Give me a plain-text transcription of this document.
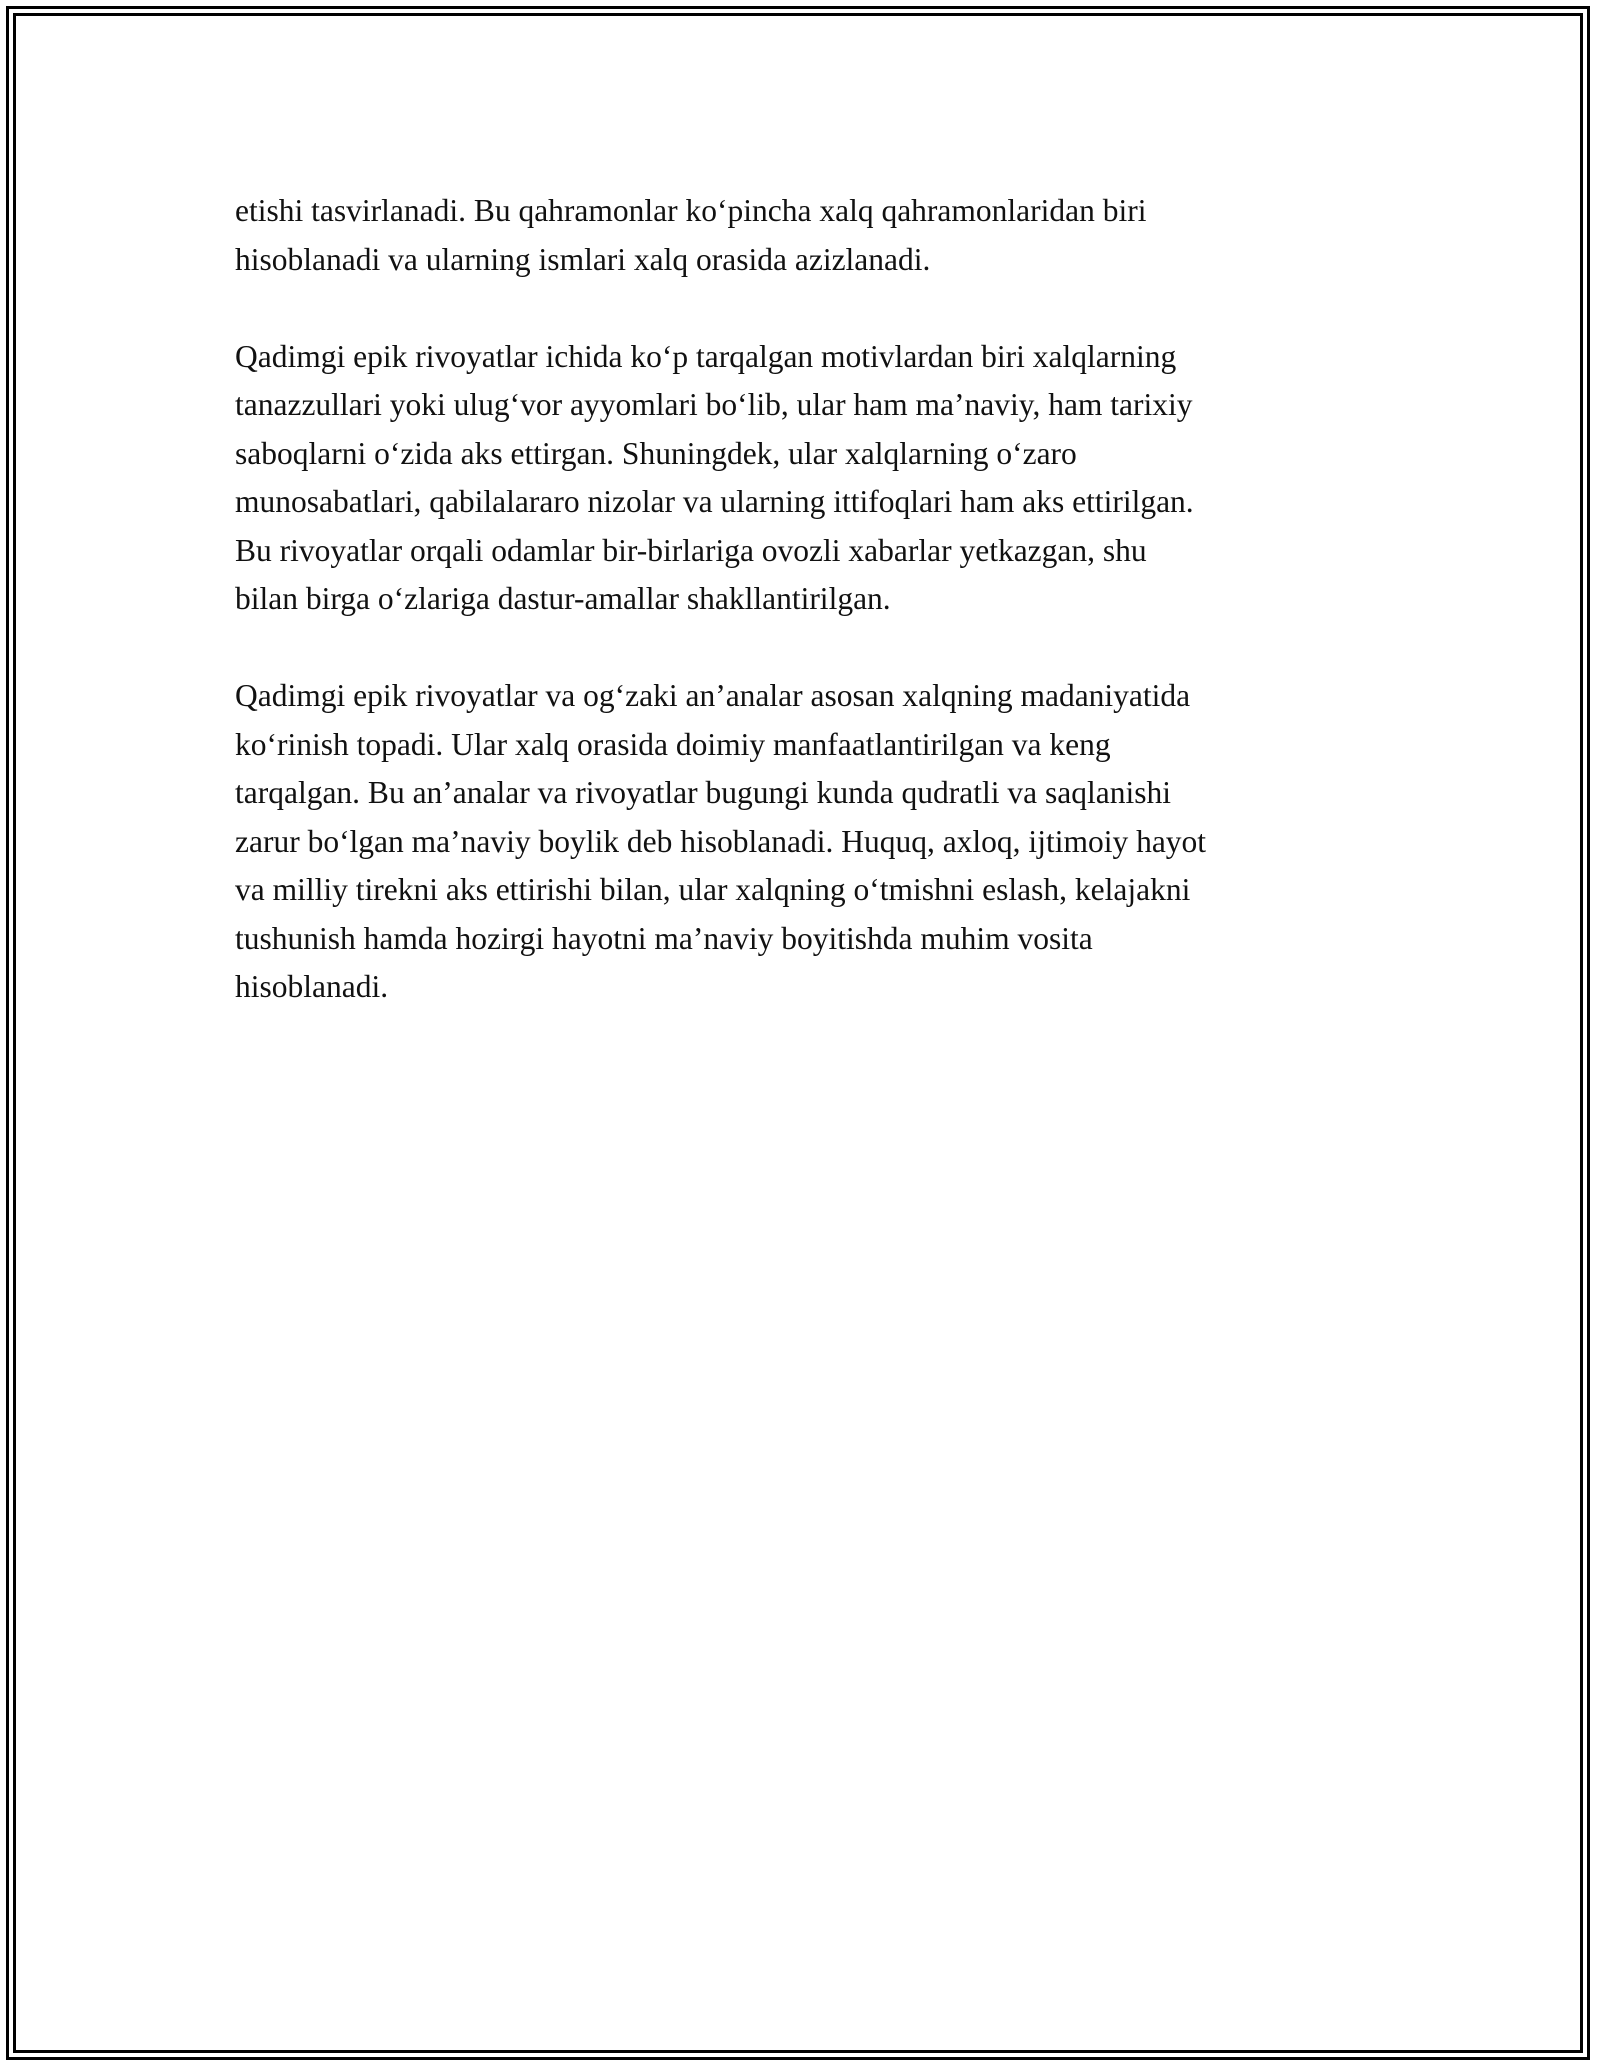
etishi tasvirlanadi. Bu qahramonlar ko‘pincha xalq qahramonlaridan biri
hisoblanadi va ularning ismlari xalq orasida azizlanadi.

Qadimgi epik rivoyatlar ichida ko‘p tarqalgan motivlardan biri xalqlarning
tanazzullari yoki ulug‘vor ayyomlari bo‘lib, ular ham ma’naviy, ham tarixiy
saboqlarni o‘zida aks ettirgan. Shuningdek, ular xalqlarning o‘zaro
munosabatlari, qabilalararo nizolar va ularning ittifoqlari ham aks ettirilgan.
Bu rivoyatlar orqali odamlar bir-birlariga ovozli xabarlar yetkazgan, shu
bilan birga o‘zlariga dastur-amallar shakllantirilgan.

Qadimgi epik rivoyatlar va og‘zaki an’analar asosan xalqning madaniyatida
ko‘rinish topadi. Ular xalq orasida doimiy manfaatlantirilgan va keng
tarqalgan. Bu an’analar va rivoyatlar bugungi kunda qudratli va saqlanishi
zarur bo‘lgan ma’naviy boylik deb hisoblanadi. Huquq, axloq, ijtimoiy hayot
va milliy tirekni aks ettirishi bilan, ular xalqning o‘tmishni eslash, kelajakni
tushunish hamda hozirgi hayotni ma’naviy boyitishda muhim vosita
hisoblanadi.
